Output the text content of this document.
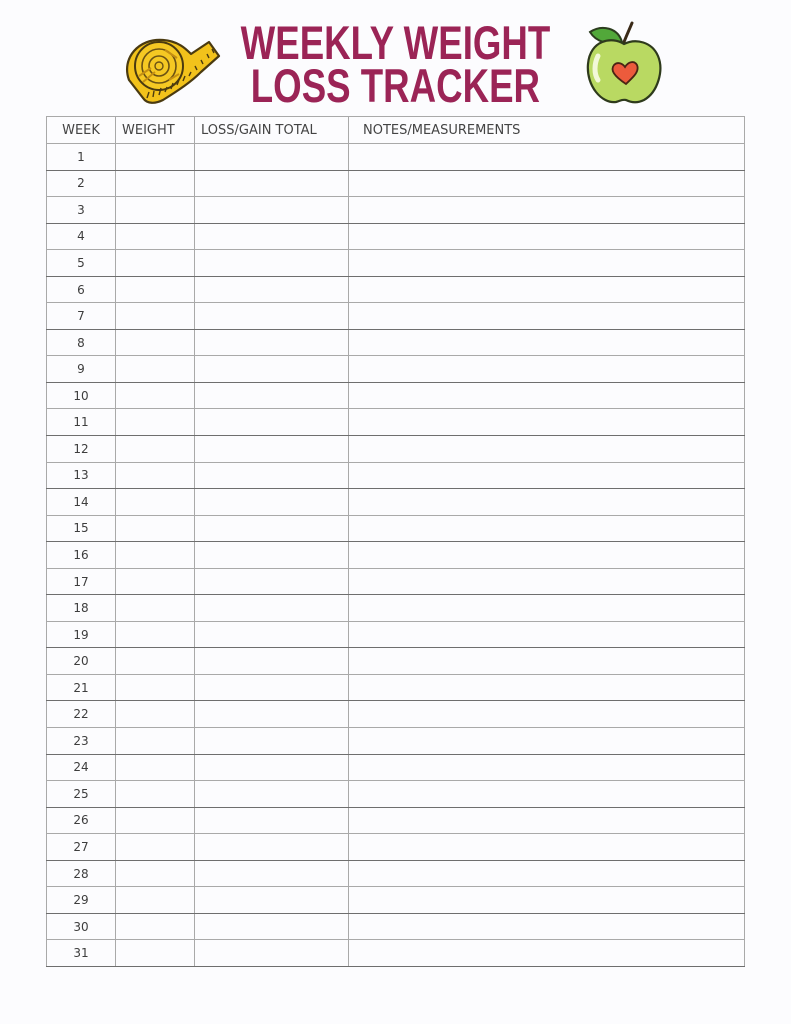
WEEKLY WEIGHT
LOSS TRACKER
WEEK	WEIGHT	LOSS/GAIN TOTAL	NOTES/MEASUREMENTS
1			
2			
3			
4			
5			
6			
7			
8			
9			
10			
11			
12			
13			
14			
15			
16			
17			
18			
19			
20			
21			
22			
23			
24			
25			
26			
27			
28			
29			
30			
31			
